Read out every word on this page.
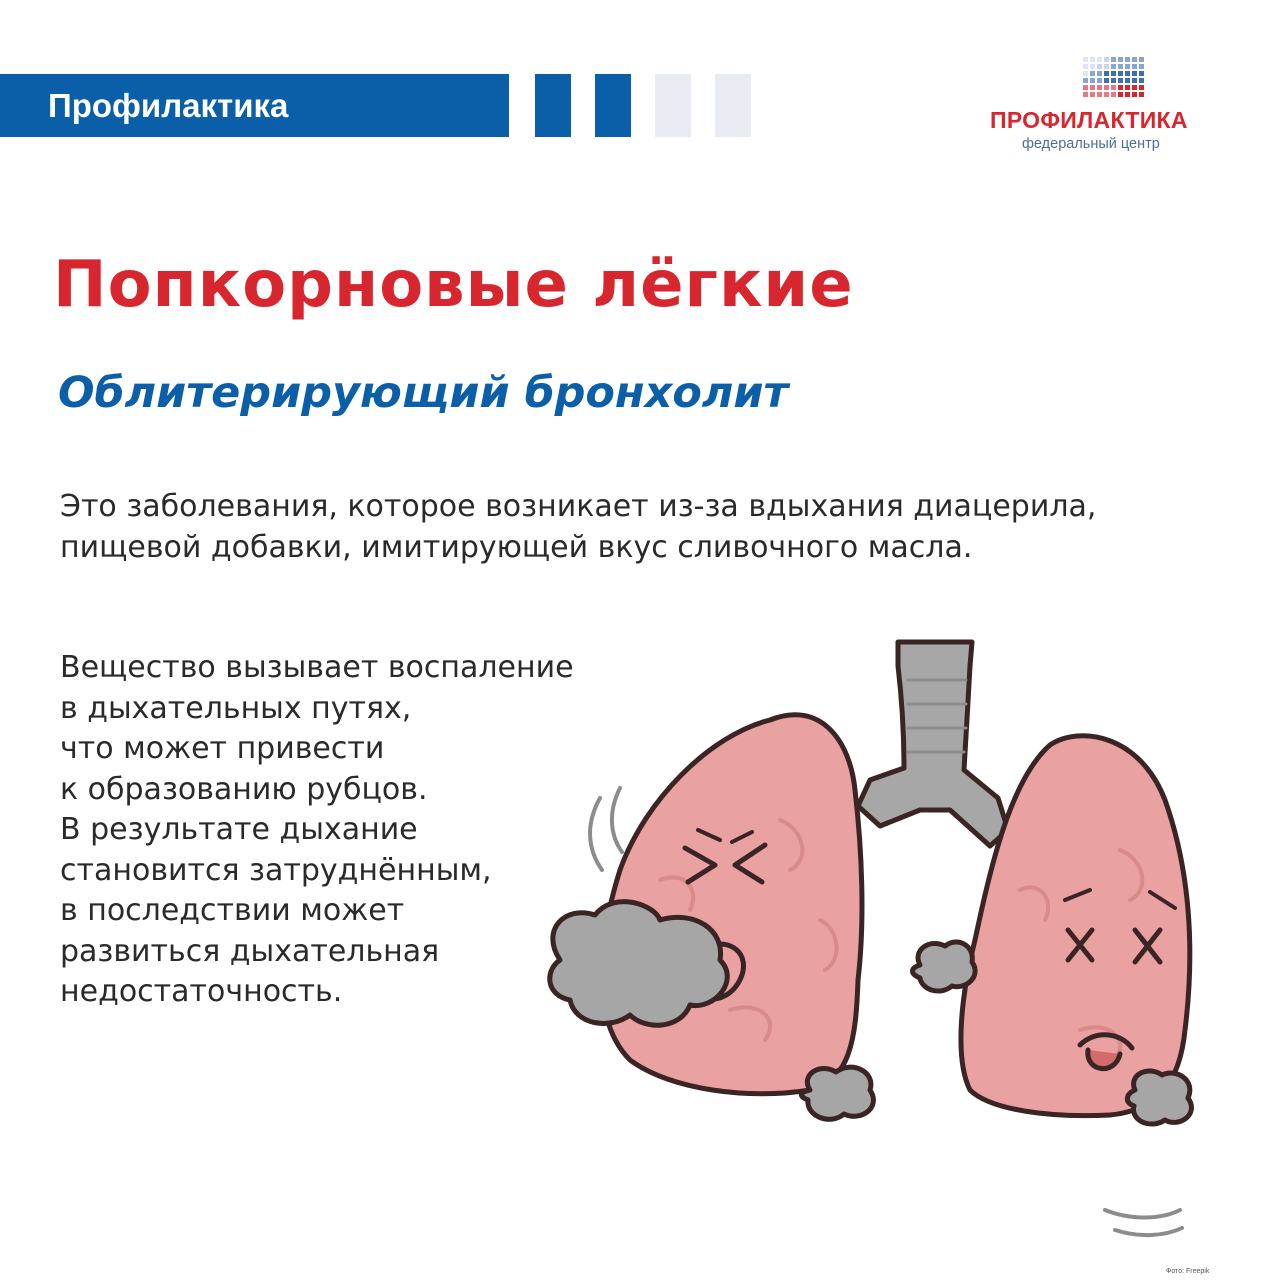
Профилактика	ПРОФИЛАКТИКА
федеральный центр
Попкорновые лёгкие
Облитерирующий бронхолит
Это заболевания, которое возникает из-за вдыхания диацерила,
пищевой добавки, имитирующей вкус сливочного масла.
Вещество вызывает воспаление
в дыхательных путях,
что может привести
к образованию рубцов.
В результате дыхание
становится затруднённым,
в последствии может
развиться дыхательная
недостаточность.
Фото: Freepik
